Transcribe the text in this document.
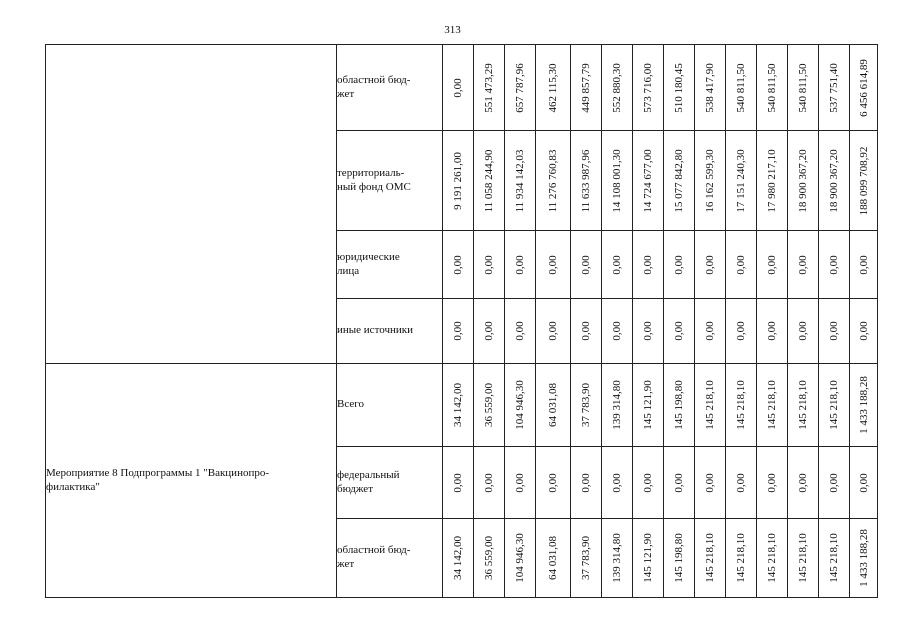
313
	областной бюд-
жет	0,00	551 473,29	657 787,96	462 115,30	449 857,79	552 880,30	573 716,00	510 180,45	538 417,90	540 811,50	540 811,50	540 811,50	537 751,40	6 456 614,89

	территориаль-
ный фонд ОМС	9 191 261,00	11 058 244,90	11 934 142,03	11 276 760,83	11 633 987,96	14 108 001,30	14 724 677,00	15 077 842,80	16 162 599,30	17 151 240,30	17 980 217,10	18 900 367,20	18 900 367,20	188 099 708,92

	юридические
лица	0,00	0,00	0,00	0,00	0,00	0,00	0,00	0,00	0,00	0,00	0,00	0,00	0,00	0,00

	иные источники	0,00	0,00	0,00	0,00	0,00	0,00	0,00	0,00	0,00	0,00	0,00	0,00	0,00	0,00

Мероприятие 8 Подпрограммы 1 "Вакцинопро-
филактика"	Всего	34 142,00	36 559,00	104 946,30	64 031,08	37 783,90	139 314,80	145 121,90	145 198,80	145 218,10	145 218,10	145 218,10	145 218,10	145 218,10	1 433 188,28

	федеральный
бюджет	0,00	0,00	0,00	0,00	0,00	0,00	0,00	0,00	0,00	0,00	0,00	0,00	0,00	0,00

	областной бюд-
жет	34 142,00	36 559,00	104 946,30	64 031,08	37 783,90	139 314,80	145 121,90	145 198,80	145 218,10	145 218,10	145 218,10	145 218,10	145 218,10	1 433 188,28
